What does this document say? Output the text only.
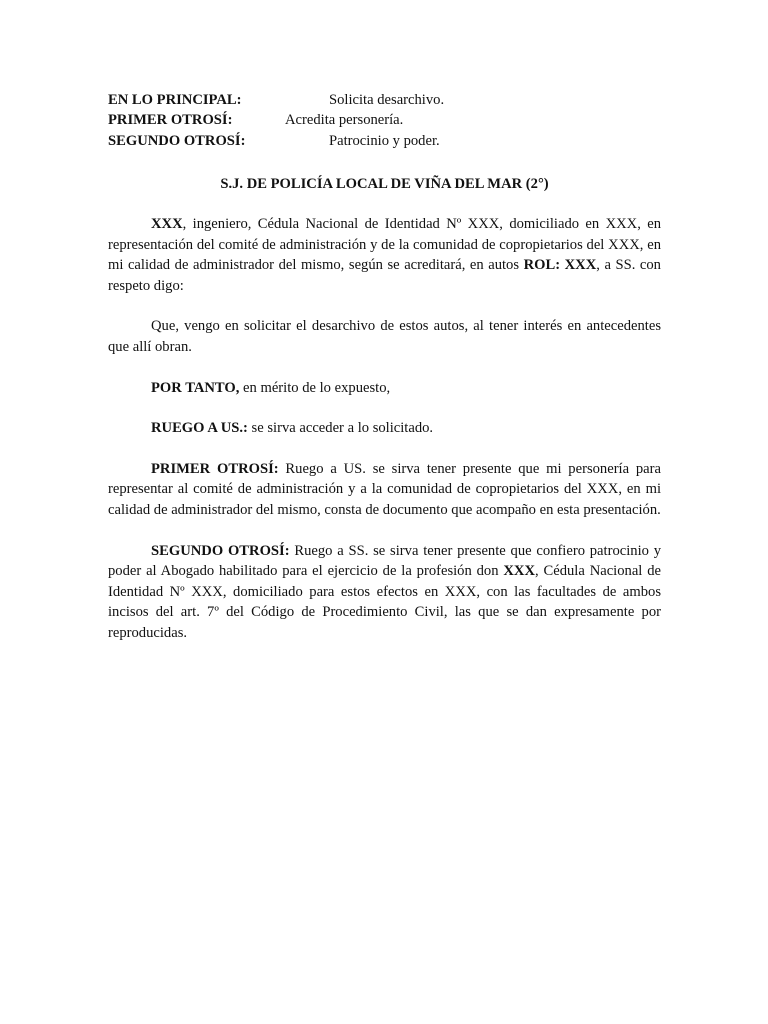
EN LO PRINCIPAL:	Solicita desarchivo.
PRIMER OTROSÍ:	Acredita personería.
SEGUNDO OTROSÍ:	Patrocinio y poder.
S.J. DE POLICÍA LOCAL DE VIÑA DEL MAR (2°)

XXX, ingeniero, Cédula Nacional de Identidad Nº XXX, domiciliado en XXX, en representación del comité de administración y de la comunidad de copropietarios del XXX, en mi calidad de administrador del mismo, según se acreditará, en autos ROL: XXX, a SS. con respeto digo:

Que, vengo en solicitar el desarchivo de estos autos, al tener interés en antecedentes que allí obran.

POR TANTO, en mérito de lo expuesto,

RUEGO A US.: se sirva acceder a lo solicitado.

PRIMER OTROSÍ: Ruego a US. se sirva tener presente que mi personería para representar al comité de administración y a la comunidad de copropietarios del XXX, en mi calidad de administrador del mismo, consta de documento que acompaño en esta presentación.

SEGUNDO OTROSÍ: Ruego a SS. se sirva tener presente que confiero patrocinio y poder al Abogado habilitado para el ejercicio de la profesión don XXX, Cédula Nacional de Identidad Nº XXX, domiciliado para estos efectos en XXX, con las facultades de ambos incisos del art. 7º del Código de Procedimiento Civil, las que se dan expresamente por reproducidas.
